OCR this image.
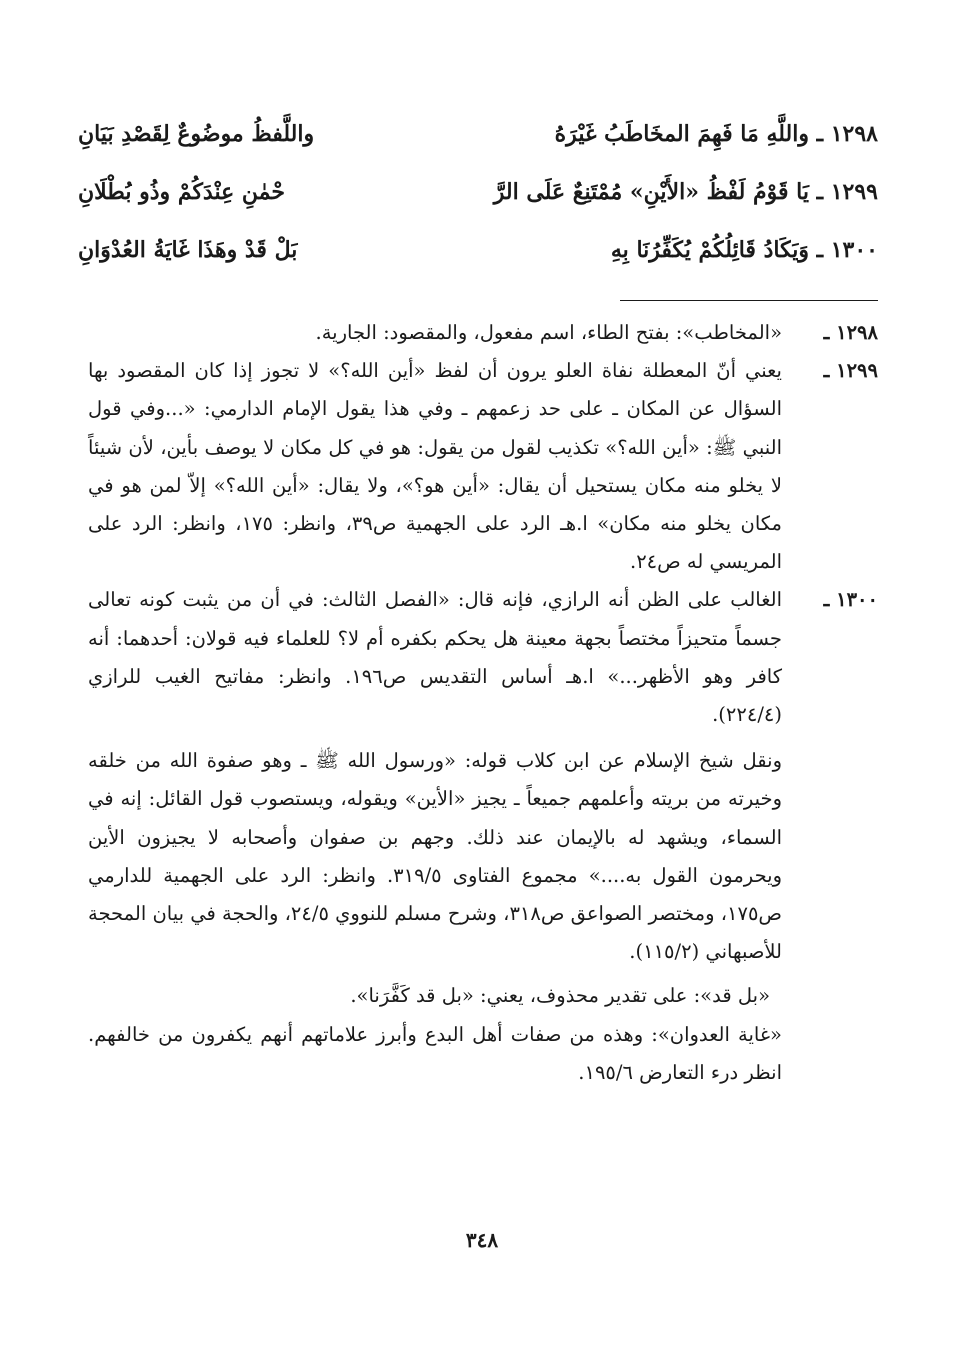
١٢٩٨ ـ واللَّهِ مَا فَهِمَ المخَاطَبُ غَيْرَهُ
واللَّفظُ موضُوعٌ لِقَصْدِ بَيَانِ
١٢٩٩ ـ يَا قَوْمُ لَفْظُ «الأَيْنِ» مُمْتَنِعٌ عَلَى الرَّ
حْمٰنِ عِنْدَكُمْ وذُو بُطْلَانِ
١٣٠٠ ـ وَيَكَادُ قَائِلُكُمْ يُكَفِّرُنَا بِهِ
بَلْ قَدْ وهَذَا غَايَةُ العُدْوَانِ
١٢٩٨ ـ

«المخاطب»: بفتح الطاء، اسم مفعول، والمقصود: الجارية.

١٢٩٩ ـ

يعني أنّ المعطلة نفاة العلو يرون أن لفظ «أين الله؟» لا تجوز إذا كان المقصود بها السؤال عن المكان ـ على حد زعمهم ـ وفي هذا يقول الإمام الدارمي: «...وفي قول النبي ﷺ: «أين الله؟» تكذيب لقول من يقول: هو في كل مكان لا يوصف بأين، لأن شيئاً لا يخلو منه مكان يستحيل أن يقال: «أين هو؟»، ولا يقال: «أين الله؟» إلاّ لمن هو في مكان يخلو منه مكان» ا.هـ الرد على الجهمية ص٣٩، وانظر: ١٧٥، وانظر: الرد على المريسي له ص٢٤.

١٣٠٠ ـ

الغالب على الظن أنه الرازي، فإنه قال: «الفصل الثالث: في أن من يثبت كونه تعالى جسماً متحيزاً مختصاً بجهة معينة هل يحكم بكفره أم لا؟ للعلماء فيه قولان: أحدهما: أنه كافر وهو الأظهر...» ا.هـ أساس التقديس ص١٩٦. وانظر: مفاتيح الغيب للرازي (٢٢٤/٤).

ونقل شيخ الإسلام عن ابن كلاب قوله: «ورسول الله ﷺ ـ وهو صفوة الله من خلقه وخيرته من بريته وأعلمهم جميعاً ـ يجيز «الأين» ويقوله، ويستصوب قول القائل: إنه في السماء، ويشهد له بالإيمان عند ذلك. وجهم بن صفوان وأصحابه لا يجيزون الأين ويحرمون القول به....» مجموع الفتاوى ٣١٩/٥. وانظر: الرد على الجهمية للدارمي ص١٧٥، ومختصر الصواعق ص٣١٨، وشرح مسلم للنووي ٢٤/٥، والحجة في بيان المحجة للأصبهاني (١١٥/٢).

«بل قد»: على تقدير محذوف، يعني: «بل قد كَفَّرَنا».

«غاية العدوان»: وهذه من صفات أهل البدع وأبرز علاماتهم أنهم يكفرون من خالفهم. انظر درء التعارض ١٩٥/٦.

٣٤٨
